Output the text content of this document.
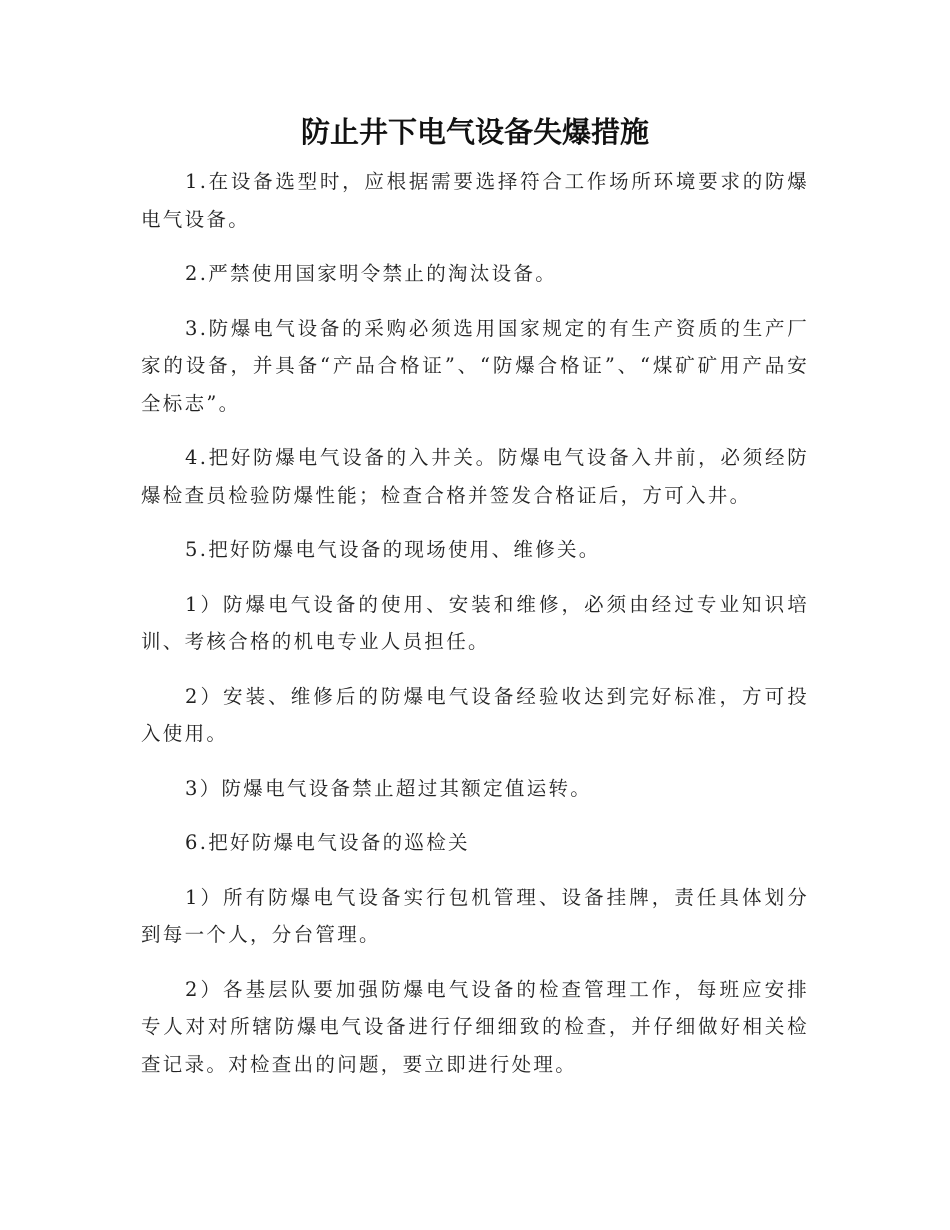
防止井下电气设备失爆措施

1.在设备选型时，应根据需要选择符合工作场所环境要求的防爆电气设备。

2.严禁使用国家明令禁止的淘汰设备。

3.防爆电气设备的采购必须选用国家规定的有生产资质的生产厂家的设备，并具备“产品合格证”、“防爆合格证”、“煤矿矿用产品安全标志”。

4.把好防爆电气设备的入井关。防爆电气设备入井前，必须经防爆检查员检验防爆性能；检查合格并签发合格证后，方可入井。

5.把好防爆电气设备的现场使用、维修关。

1）防爆电气设备的使用、安装和维修，必须由经过专业知识培训、考核合格的机电专业人员担任。

2）安装、维修后的防爆电气设备经验收达到完好标准，方可投入使用。

3）防爆电气设备禁止超过其额定值运转。

6.把好防爆电气设备的巡检关

1）所有防爆电气设备实行包机管理、设备挂牌，责任具体划分到每一个人，分台管理。

2）各基层队要加强防爆电气设备的检查管理工作，每班应安排专人对对所辖防爆电气设备进行仔细细致的检查，并仔细做好相关检查记录。对检查出的问题，要立即进行处理。
